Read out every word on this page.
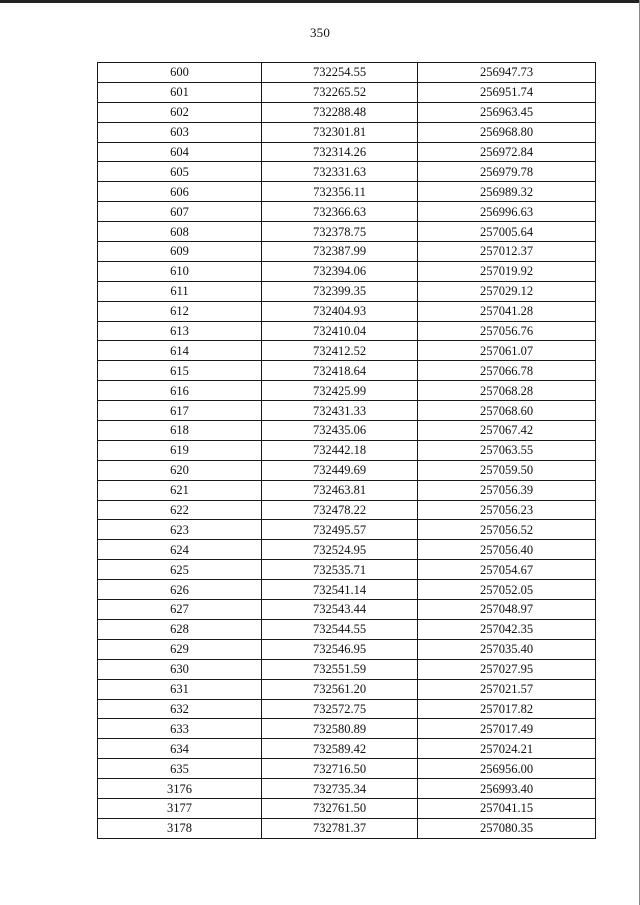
350
600	732254.55	256947.73
601	732265.52	256951.74
602	732288.48	256963.45
603	732301.81	256968.80
604	732314.26	256972.84
605	732331.63	256979.78
606	732356.11	256989.32
607	732366.63	256996.63
608	732378.75	257005.64
609	732387.99	257012.37
610	732394.06	257019.92
611	732399.35	257029.12
612	732404.93	257041.28
613	732410.04	257056.76
614	732412.52	257061.07
615	732418.64	257066.78
616	732425.99	257068.28
617	732431.33	257068.60
618	732435.06	257067.42
619	732442.18	257063.55
620	732449.69	257059.50
621	732463.81	257056.39
622	732478.22	257056.23
623	732495.57	257056.52
624	732524.95	257056.40
625	732535.71	257054.67
626	732541.14	257052.05
627	732543.44	257048.97
628	732544.55	257042.35
629	732546.95	257035.40
630	732551.59	257027.95
631	732561.20	257021.57
632	732572.75	257017.82
633	732580.89	257017.49
634	732589.42	257024.21
635	732716.50	256956.00
3176	732735.34	256993.40
3177	732761.50	257041.15
3178	732781.37	257080.35
